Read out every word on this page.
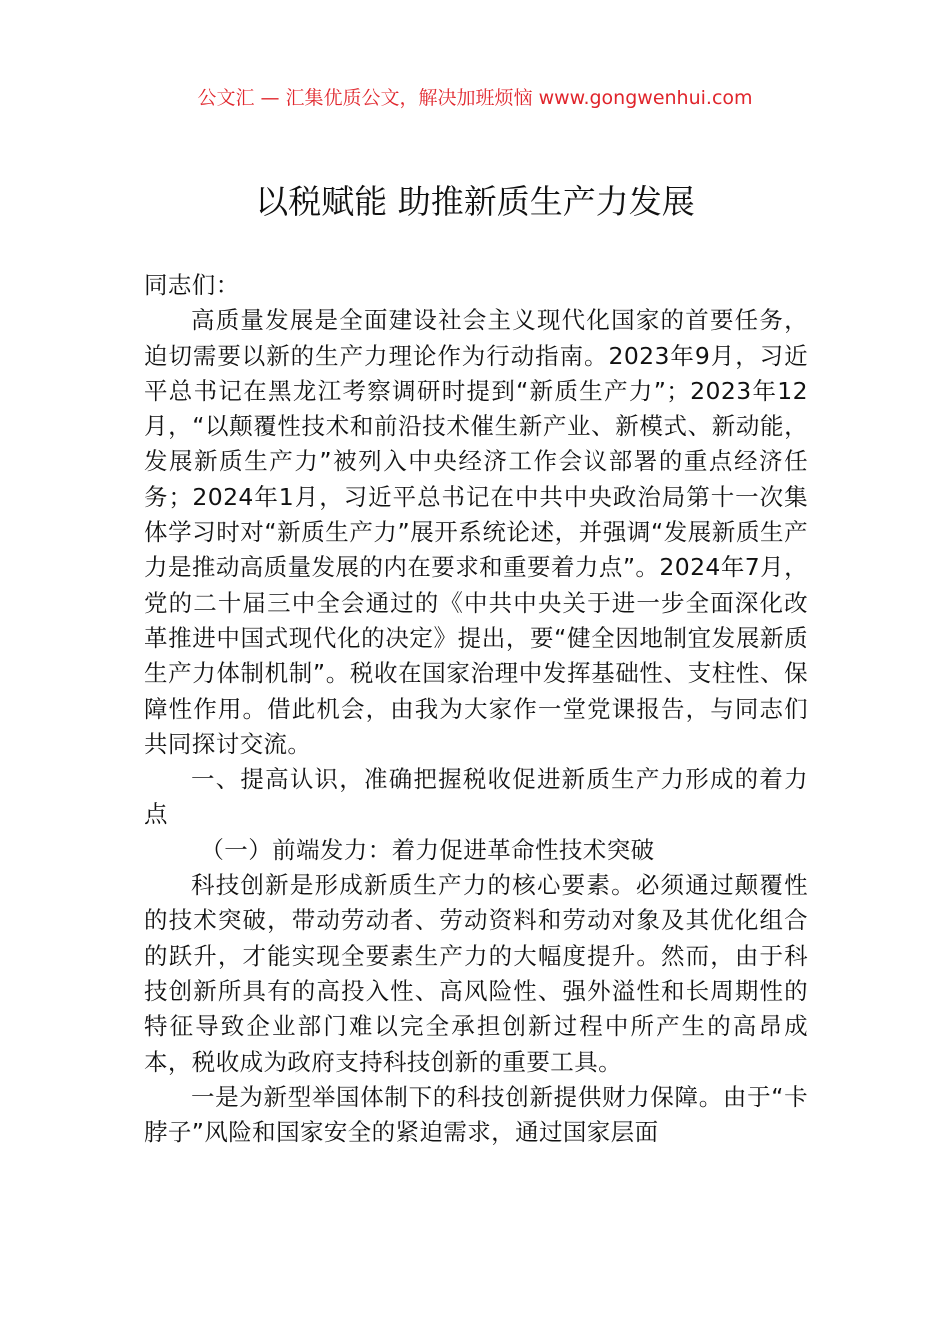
公文汇 — 汇集优质公文，解决加班烦恼 www.gongwenhui.com
以税赋能 助推新质生产力发展

同志们：

高质量发展是全面建设社会主义现代化国家的首要任务，迫切需要以新的生产力理论作为行动指南。2023年9月，习近平总书记在黑龙江考察调研时提到“新质生产力”；2023年12月，“以颠覆性技术和前沿技术催生新产业、新模式、新动能，发展新质生产力”被列入中央经济工作会议部署的重点经济任务；2024年1月，习近平总书记在中共中央政治局第十一次集体学习时对“新质生产力”展开系统论述，并强调“发展新质生产力是推动高质量发展的内在要求和重要着力点”。2024年7月，党的二十届三中全会通过的《中共中央关于进一步全面深化改革推进中国式现代化的决定》提出，要“健全因地制宜发展新质生产力体制机制”。税收在国家治理中发挥基础性、支柱性、保障性作用。借此机会，由我为大家作一堂党课报告，与同志们共同探讨交流。

一、提高认识，准确把握税收促进新质生产力形成的着力点

（一）前端发力：着力促进革命性技术突破

科技创新是形成新质生产力的核心要素。必须通过颠覆性的技术突破，带动劳动者、劳动资料和劳动对象及其优化组合的跃升，才能实现全要素生产力的大幅度提升。然而，由于科技创新所具有的高投入性、高风险性、强外溢性和长周期性的特征导致企业部门难以完全承担创新过程中所产生的高昂成本，税收成为政府支持科技创新的重要工具。

一是为新型举国体制下的科技创新提供财力保障。由于“卡脖子”风险和国家安全的紧迫需求，通过国家层面
